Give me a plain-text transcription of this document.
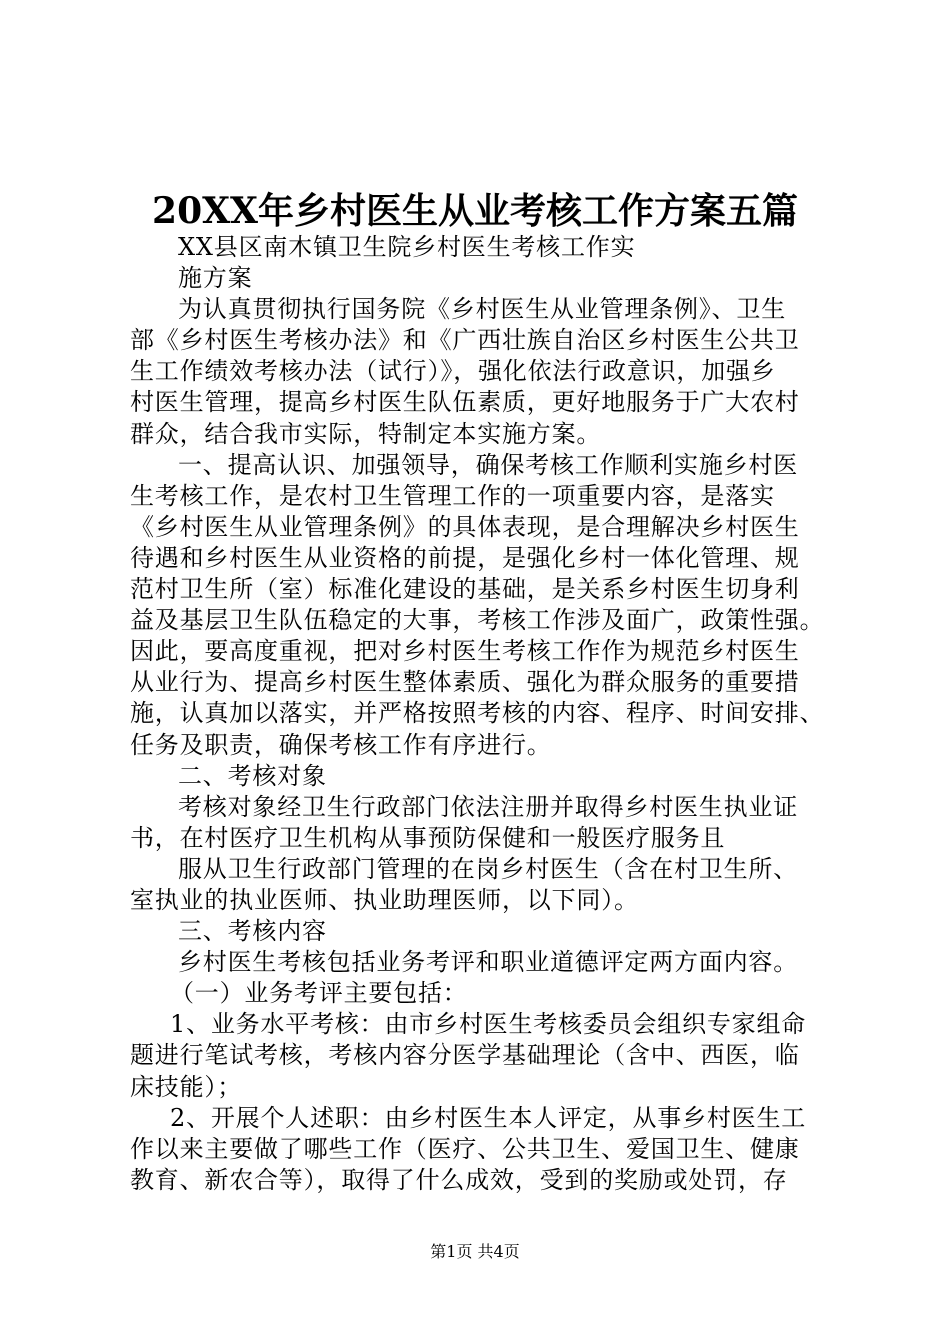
20XX年乡村医生从业考核工作方案五篇
XX县区南木镇卫生院乡村医生考核工作实
施方案
为认真贯彻执行国务院《乡村医生从业管理条例》、卫生
部《乡村医生考核办法》和《广西壮族自治区乡村医生公共卫
生工作绩效考核办法（试行）》，强化依法行政意识，加强乡
村医生管理，提高乡村医生队伍素质，更好地服务于广大农村
群众，结合我市实际，特制定本实施方案。
一、提高认识、加强领导，确保考核工作顺利实施乡村医
生考核工作，是农村卫生管理工作的一项重要内容，是落实
《乡村医生从业管理条例》的具体表现，是合理解决乡村医生
待遇和乡村医生从业资格的前提，是强化乡村一体化管理、规
范村卫生所（室）标准化建设的基础，是关系乡村医生切身利
益及基层卫生队伍稳定的大事，考核工作涉及面广，政策性强。
因此，要高度重视，把对乡村医生考核工作作为规范乡村医生
从业行为、提高乡村医生整体素质、强化为群众服务的重要措
施，认真加以落实，并严格按照考核的内容、程序、时间安排、
任务及职责，确保考核工作有序进行。
二、考核对象
考核对象经卫生行政部门依法注册并取得乡村医生执业证
书，在村医疗卫生机构从事预防保健和一般医疗服务且
服从卫生行政部门管理的在岗乡村医生（含在村卫生所、
室执业的执业医师、执业助理医师，以下同）。
三、考核内容
乡村医生考核包括业务考评和职业道德评定两方面内容。
（一）业务考评主要包括：
1、业务水平考核：由市乡村医生考核委员会组织专家组命
题进行笔试考核，考核内容分医学基础理论（含中、西医，临
床技能）；
2、开展个人述职：由乡村医生本人评定，从事乡村医生工
作以来主要做了哪些工作（医疗、公共卫生、爱国卫生、健康
教育、新农合等），取得了什么成效，受到的奖励或处罚，存
第1页 共4页
